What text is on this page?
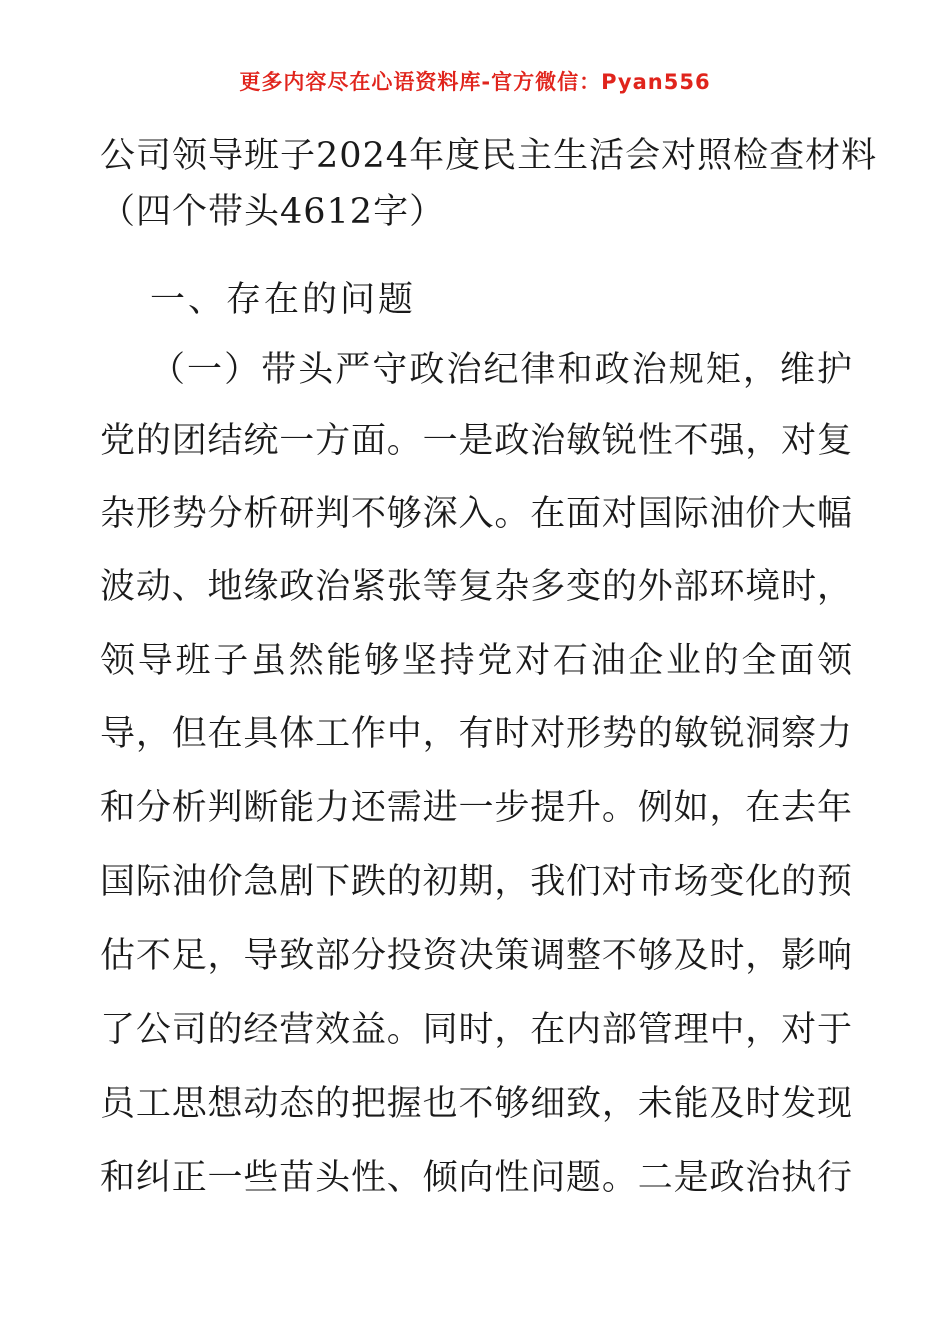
更多内容尽在心语资料库-官方微信：Pyan556
公司领导班子2024年度民主生活会对照检查材料
（四个带头4612字）
一、存在的问题
（一）带头严守政治纪律和政治规矩，维护
党的团结统一方面。一是政治敏锐性不强，对复
杂形势分析研判不够深入。在面对国际油价大幅
波动、地缘政治紧张等复杂多变的外部环境时，
领导班子虽然能够坚持党对石油企业的全面领
导，但在具体工作中，有时对形势的敏锐洞察力
和分析判断能力还需进一步提升。例如，在去年
国际油价急剧下跌的初期，我们对市场变化的预
估不足，导致部分投资决策调整不够及时，影响
了公司的经营效益。同时，在内部管理中，对于
员工思想动态的把握也不够细致，未能及时发现
和纠正一些苗头性、倾向性问题。二是政治执行
